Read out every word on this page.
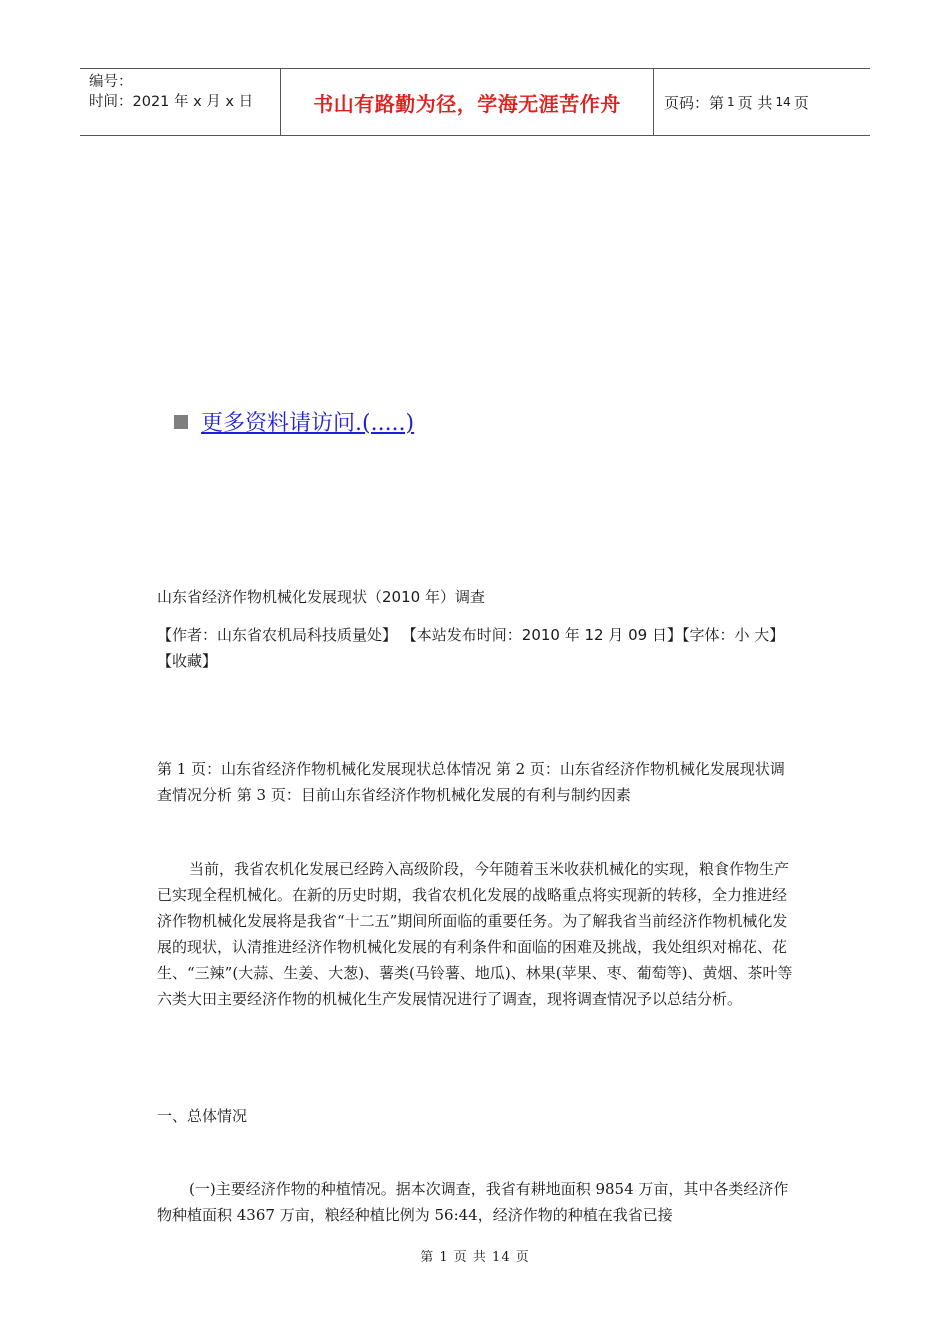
编号：
时间：2021 年 x 月 x 日	书山有路勤为径，学海无涯苦作舟	页码：第 1 页 共 14 页
更多资料请访问.(.....)
山东省经济作物机械化发展现状（2010 年）调查
【作者：山东省农机局科技质量处】 【本站发布时间：2010 年 12 月 09 日】【字体：小 大】 【收藏】
第 1 页：山东省经济作物机械化发展现状总体情况 第 2 页：山东省经济作物机械化发展现状调查情况分析 第 3 页：目前山东省经济作物机械化发展的有利与制约因素
当前，我省农机化发展已经跨入高级阶段，今年随着玉米收获机械化的实现，粮食作物生产已实现全程机械化。在新的历史时期，我省农机化发展的战略重点将实现新的转移，全力推进经济作物机械化发展将是我省“十二五”期间所面临的重要任务。为了解我省当前经济作物机械化发展的现状，认清推进经济作物机械化发展的有利条件和面临的困难及挑战，我处组织对棉花、花生、“三辣”(大蒜、生姜、大葱)、薯类(马铃薯、地瓜)、林果(苹果、枣、葡萄等)、黄烟、茶叶等六类大田主要经济作物的机械化生产发展情况进行了调查，现将调查情况予以总结分析。
一、总体情况
(一)主要经济作物的种植情况。据本次调查，我省有耕地面积 9854 万亩，其中各类经济作物种植面积 4367 万亩，粮经种植比例为 56:44，经济作物的种植在我省已接
第 1 页 共 14 页
